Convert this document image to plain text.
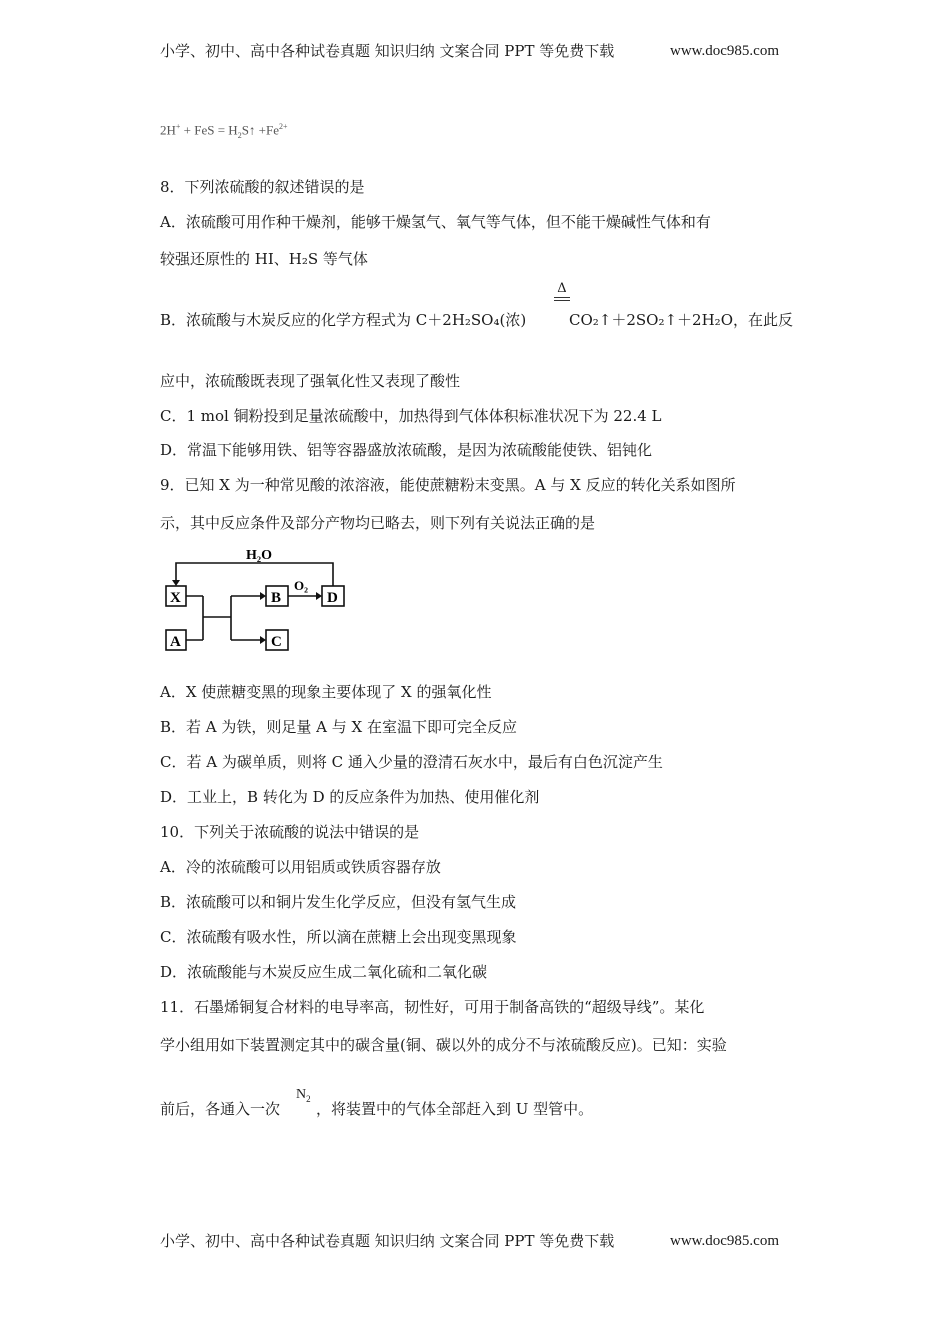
小学、初中、高中各种试卷真题 知识归纳 文案合同 PPT 等免费下载	www.doc985.com
2H+ + FeS = $H_2S↑ +Fe^{2+}$
8．下列浓硫酸的叙述错误的是
A．浓硫酸可用作种干燥剂，能够干燥氢气、氧气等气体，但不能干燥碱性气体和有
较强还原性的 HI、H₂S 等气体
Δ
B．浓硫酸与木炭反应的化学方程式为 C＋2H₂SO₄(浓)	CO₂↑＋2SO₂↑＋2H₂O，在此反
应中，浓硫酸既表现了强氧化性又表现了酸性
C．1 mol 铜粉投到足量浓硫酸中，加热得到气体体积标准状况下为 22.4 L
D．常温下能够用铁、铝等容器盛放浓硫酸，是因为浓硫酸能使铁、铝钝化
9．已知 X 为一种常见酸的浓溶液，能使蔗糖粉末变黑。A 与 X 反应的转化关系如图所
示，其中反应条件及部分产物均已略去，则下列有关说法正确的是
H₂O
O₂
X
A
B	D
C
A．X 使蔗糖变黑的现象主要体现了 X 的强氧化性
B．若 A 为铁，则足量 A 与 X 在室温下即可完全反应
C．若 A 为碳单质，则将 C 通入少量的澄清石灰水中，最后有白色沉淀产生
D．工业上，B 转化为 D 的反应条件为加热、使用催化剂
10．下列关于浓硫酸的说法中错误的是
A．冷的浓硫酸可以用铝质或铁质容器存放
B．浓硫酸可以和铜片发生化学反应，但没有氢气生成
C．浓硫酸有吸水性，所以滴在蔗糖上会出现变黑现象
D．浓硫酸能与木炭反应生成二氧化硫和二氧化碳
11．石墨烯铜复合材料的电导率高，韧性好，可用于制备高铁的“超级导线”。某化
学小组用如下装置测定其中的碳含量(铜、碳以外的成分不与浓硫酸反应)。已知：实验
前后，各通入一次
$N_2$
，将装置中的气体全部赶入到 U 型管中。
小学、初中、高中各种试卷真题 知识归纳 文案合同 PPT 等免费下载	www.doc985.com
